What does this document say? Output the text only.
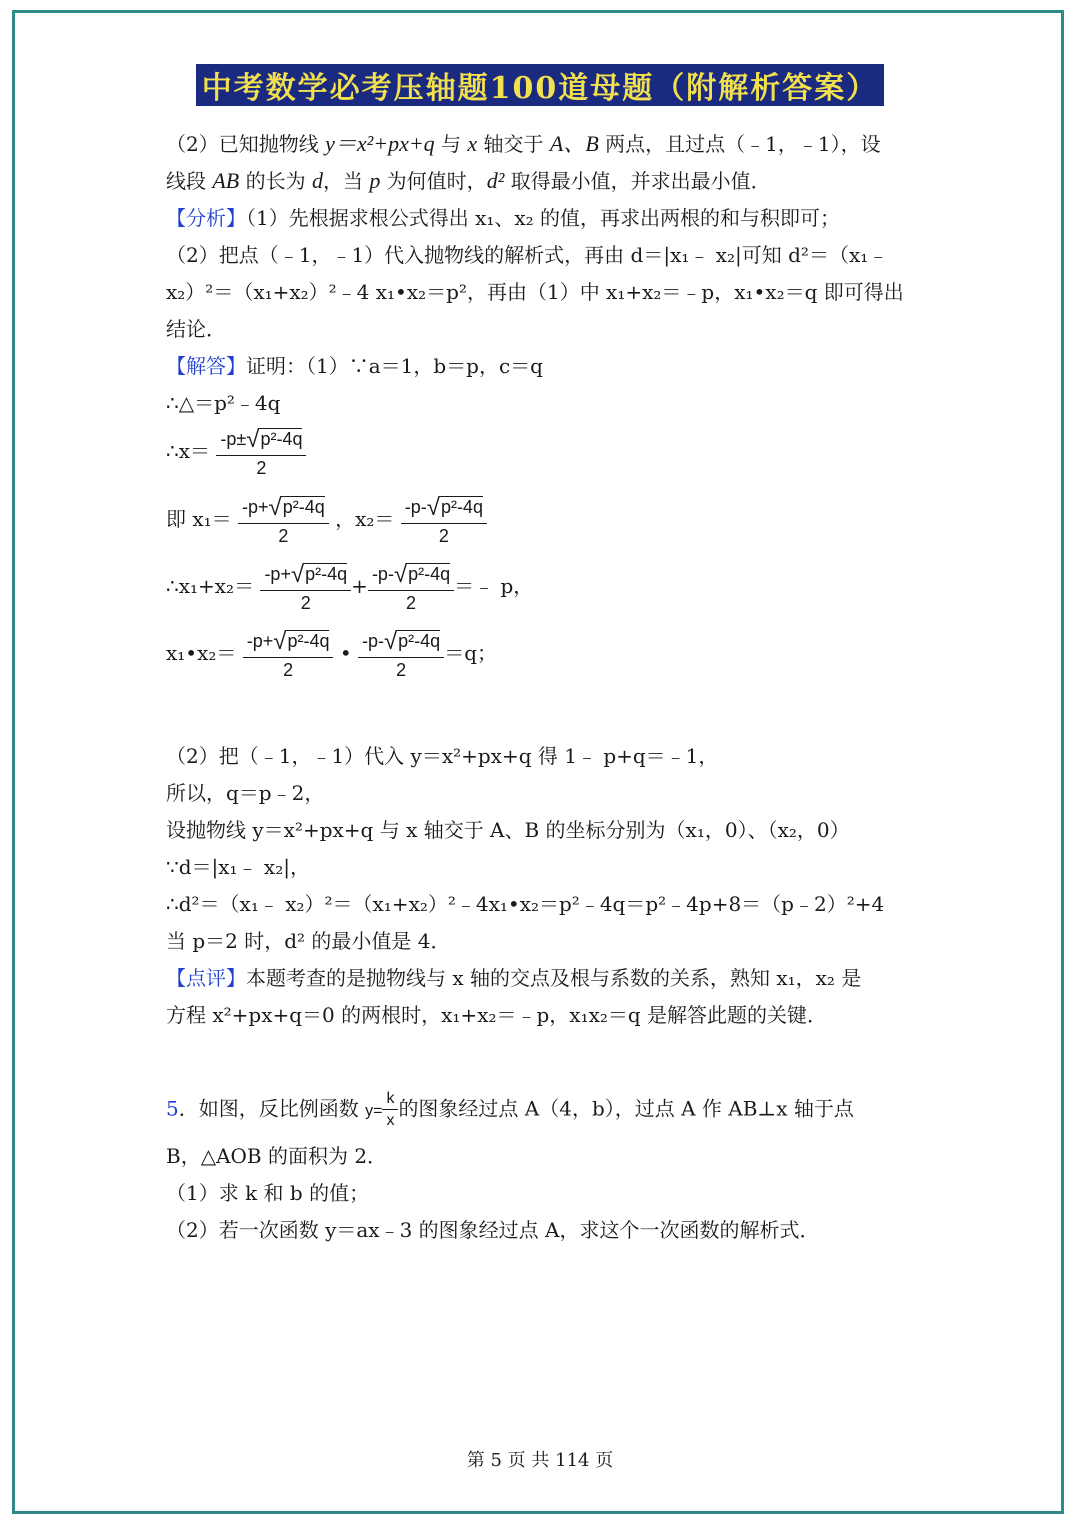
中考数学必考压轴题100道母题（附解析答案）
（2）已知抛物线 y＝x²+px+q 与 x 轴交于 A、B 两点，且过点（﹣1，﹣1），设
线段 AB 的长为 d，当 p 为何值时，d² 取得最小值，并求出最小值．
【分析】（1）先根据求根公式得出 x₁、x₂ 的值，再求出两根的和与积即可；
（2）把点（﹣1，﹣1）代入抛物线的解析式，再由 d＝|x₁﹣ x₂|可知 d²＝（x₁﹣
x₂）²＝（x₁+x₂）²﹣4 x₁•x₂＝p²，再由（1）中 x₁+x₂＝﹣p，x₁•x₂＝q 即可得出
结论．
【解答】证明：（1）∵a＝1，b＝p，c＝q
∴△＝p²﹣4q
∴x＝ $\frac{\text{-p±√p²-4q}}{2}$
即 $x_1= \frac{\text{-p+√p²-4q}}{2}$ ，$x_2= \frac{\text{-p-√p²-4q}}{2}$
∴x₁+x₂＝ $\frac{\text{-p+√p²-4q}}{2} + \frac{\text{-p-√p²-4q}}{2}$ ＝﹣ p，
x₁•x₂＝ $\frac{\text{-p+√p²-4q}}{2}$ • $\frac{\text{-p-√p²-4q}}{2} =q$；
（2）把（﹣1，﹣1）代入 y＝x²+px+q 得 1﹣ p+q＝﹣1，
所以，q＝p﹣2，
设抛物线 y＝x²+px+q 与 x 轴交于 A、B 的坐标分别为（x₁，0）、（x₂，0）
∵d＝|x₁﹣ x₂|，
∴d²＝（x₁﹣ x₂）²＝（x₁+x₂）²﹣4x₁•x₂＝p²﹣4q＝p²﹣4p+8＝（p﹣2）²+4
当 p＝2 时，d² 的最小值是 4．
【点评】本题考查的是抛物线与 x 轴的交点及根与系数的关系，熟知 x₁，x₂ 是
方程 x²+px+q＝0 的两根时，x₁+x₂＝﹣p，x₁x₂＝q 是解答此题的关键．
5．如图，反比例函数 $y= \frac{k}{x}$ 的图象经过点 A（4，b），过点 A 作 AB⊥x 轴于点
B，△AOB 的面积为 2．
（1）求 k 和 b 的值；
（2）若一次函数 y＝ax﹣3 的图象经过点 A，求这个一次函数的解析式．
第 5 页 共 114 页
